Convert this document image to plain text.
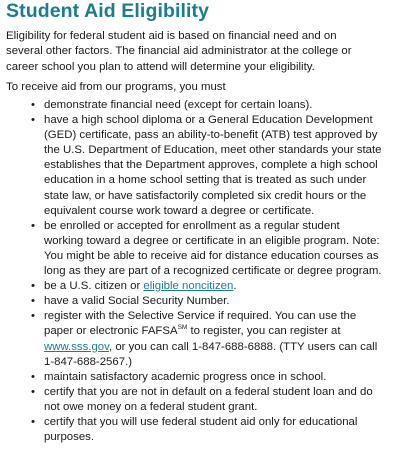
Student Aid Eligibility

Eligibility for federal student aid is based on financial need and on
several other factors. The financial aid administrator at the college or
career school you plan to attend will determine your eligibility.

To receive aid from our programs, you must

• demonstrate financial need (except for certain loans).
• have a high school diploma or a General Education Development
(GED) certificate, pass an ability-to-benefit (ATB) test approved by
the U.S. Department of Education, meet other standards your state
establishes that the Department approves, complete a high school
education in a home school setting that is treated as such under
state law, or have satisfactorily completed six credit hours or the
equivalent course work toward a degree or certificate.
• be enrolled or accepted for enrollment as a regular student
working toward a degree or certificate in an eligible program. Note:
You might be able to receive aid for distance education courses as
long as they are part of a recognized certificate or degree program.
• be a U.S. citizen or eligible noncitizen.
• have a valid Social Security Number.
• register with the Selective Service if required. You can use the
paper or electronic FAFSA℠ to register, you can register at
www.sss.gov, or you can call 1-847-688-6888. (TTY users can call
1-847-688-2567.)
• maintain satisfactory academic progress once in school.
• certify that you are not in default on a federal student loan and do
not owe money on a federal student grant.
• certify that you will use federal student aid only for educational
purposes.
